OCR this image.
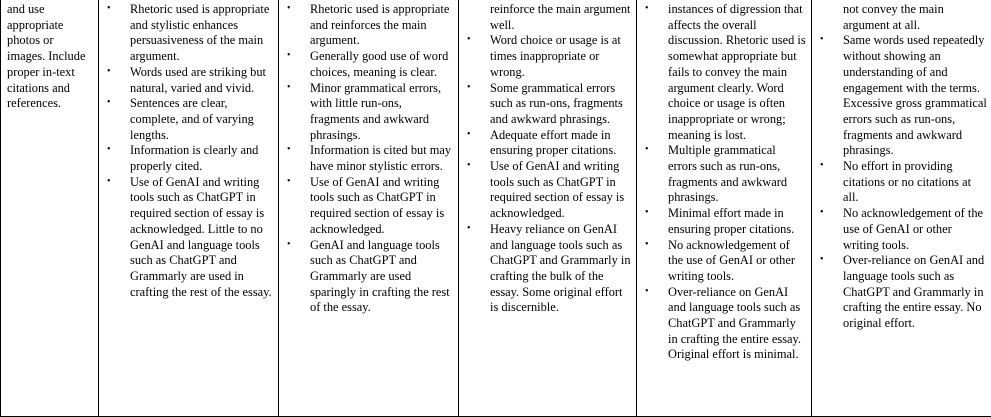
and use appropriate photos or images. Include proper in-text citations and references.	
• Rhetoric used is appropriate and stylistic enhances persuasiveness of the main argument.
• Words used are striking but natural, varied and vivid.
• Sentences are clear, complete, and of varying lengths.
• Information is clearly and properly cited.
• Use of GenAI and writing tools such as ChatGPT in required section of essay is acknowledged. Little to no GenAI and language tools such as ChatGPT and Grammarly are used in crafting the rest of the essay.

• Rhetoric used is appropriate and reinforces the main argument.
• Generally good use of word choices, meaning is clear.
• Minor grammatical errors, with little run-ons, fragments and awkward phrasings.
• Information is cited but may have minor stylistic errors.
• Use of GenAI and writing tools such as ChatGPT in required section of essay is acknowledged.
• GenAI and language tools such as ChatGPT and Grammarly are used sparingly in crafting the rest of the essay.

reinforce the main argument well.
• Word choice or usage is at times inappropriate or wrong.
• Some grammatical errors such as run-ons, fragments and awkward phrasings.
• Adequate effort made in ensuring proper citations.
• Use of GenAI and writing tools such as ChatGPT in required section of essay is acknowledged.
• Heavy reliance on GenAI and language tools such as ChatGPT and Grammarly in crafting the bulk of the essay. Some original effort is discernible.

• instances of digression that affects the overall discussion. Rhetoric used is somewhat appropriate but fails to convey the main argument clearly. Word choice or usage is often inappropriate or wrong; meaning is lost.
• Multiple grammatical errors such as run-ons, fragments and awkward phrasings.
• Minimal effort made in ensuring proper citations.
• No acknowledgement of the use of GenAI or other writing tools.
• Over-reliance on GenAI and language tools such as ChatGPT and Grammarly in crafting the entire essay. Original effort is minimal.

not convey the main argument at all.
• Same words used repeatedly without showing an understanding of and engagement with the terms. Excessive gross grammatical errors such as run-ons, fragments and awkward phrasings.
• No effort in providing citations or no citations at all.
• No acknowledgement of the use of GenAI or other writing tools.
• Over-reliance on GenAI and language tools such as ChatGPT and Grammarly in crafting the entire essay. No original effort.
